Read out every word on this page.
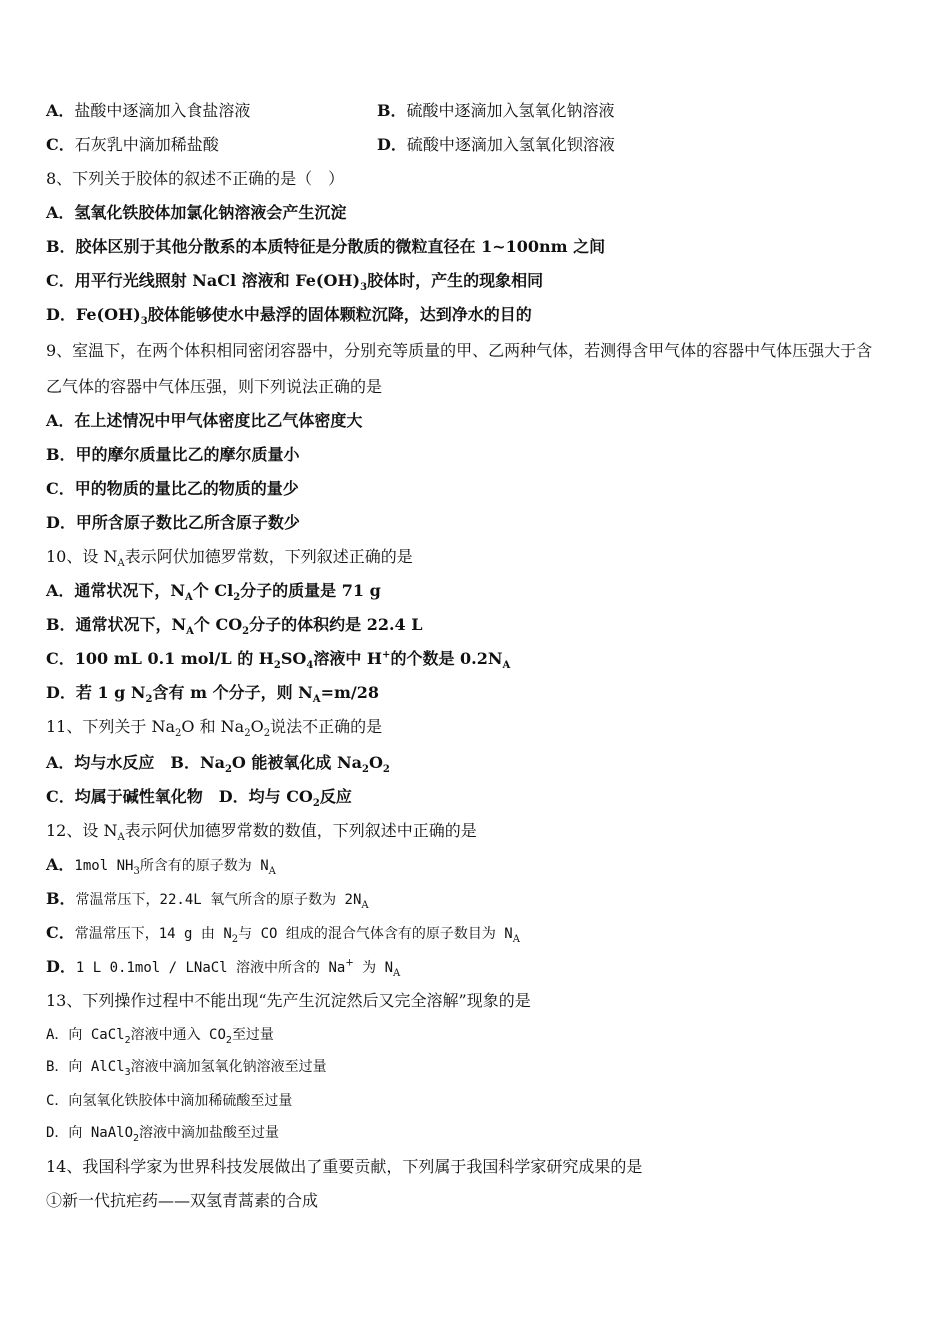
A．盐酸中逐滴加入食盐溶液	B．硫酸中逐滴加入氢氧化钠溶液
C．石灰乳中滴加稀盐酸	D．硫酸中逐滴加入氢氧化钡溶液
8、下列关于胶体的叙述不正确的是（　）
A．氢氧化铁胶体加氯化钠溶液会产生沉淀
B．胶体区别于其他分散系的本质特征是分散质的微粒直径在 1~100nm 之间
C．用平行光线照射 NaCl 溶液和 $Fe(OH)_3$胶体时，产生的现象相同
D．$Fe(OH)_3$胶体能够使水中悬浮的固体颗粒沉降，达到净水的目的
9、室温下，在两个体积相同密闭容器中，分别充等质量的甲、乙两种气体，若测得含甲气体的容器中气体压强大于含
乙气体的容器中气体压强，则下列说法正确的是
A．在上述情况中甲气体密度比乙气体密度大
B．甲的摩尔质量比乙的摩尔质量小
C．甲的物质的量比乙的物质的量少
D．甲所含原子数比乙所含原子数少
10、设 $N_A$表示阿伏加德罗常数，下列叙述正确的是
A．通常状况下，$N_A$个 $Cl_2$分子的质量是 71 g
B．通常状况下，$N_A$个 $CO_2$分子的体积约是 22.4 L
C．100 mL 0.1 mol/L 的 $H_2SO_4$溶液中 H+的个数是 $0.2N_A$
D．若 1 g $N_2$含有 m 个分子，则 $N_A=m/28$
11、下列关于 $Na_2O$ 和 $Na_2O_2$说法不正确的是
A．均与水反应 B．$Na_2O$ 能被氧化成 $Na_2O_2$
C．均属于碱性氧化物 D．均与 $CO_2$反应
12、设 $N_A$表示阿伏加德罗常数的数值，下列叙述中正确的是
A．1mol $NH_3$所含有的原子数为 $N_A$
B．常温常压下，22.4L 氧气所含的原子数为 $2N_A$
C．常温常压下，14 g 由 $N_2$与 CO 组成的混合气体含有的原子数目为 $N_A$
D．1 L 0.1mol / LNaCl 溶液中所含的 Na+ 为 $N_A$
13、下列操作过程中不能出现“先产生沉淀然后又完全溶解”现象的是
A．向 CaCl$_2$溶液中通入 $CO_2$至过量
B．向 AlCl$_3$溶液中滴加氢氧化钠溶液至过量
C．向氢氧化铁胶体中滴加稀硫酸至过量
D．向 NaAlO$_2$溶液中滴加盐酸至过量
14、我国科学家为世界科技发展做出了重要贡献，下列属于我国科学家研究成果的是
①新一代抗疟药——双氢青蒿素的合成
